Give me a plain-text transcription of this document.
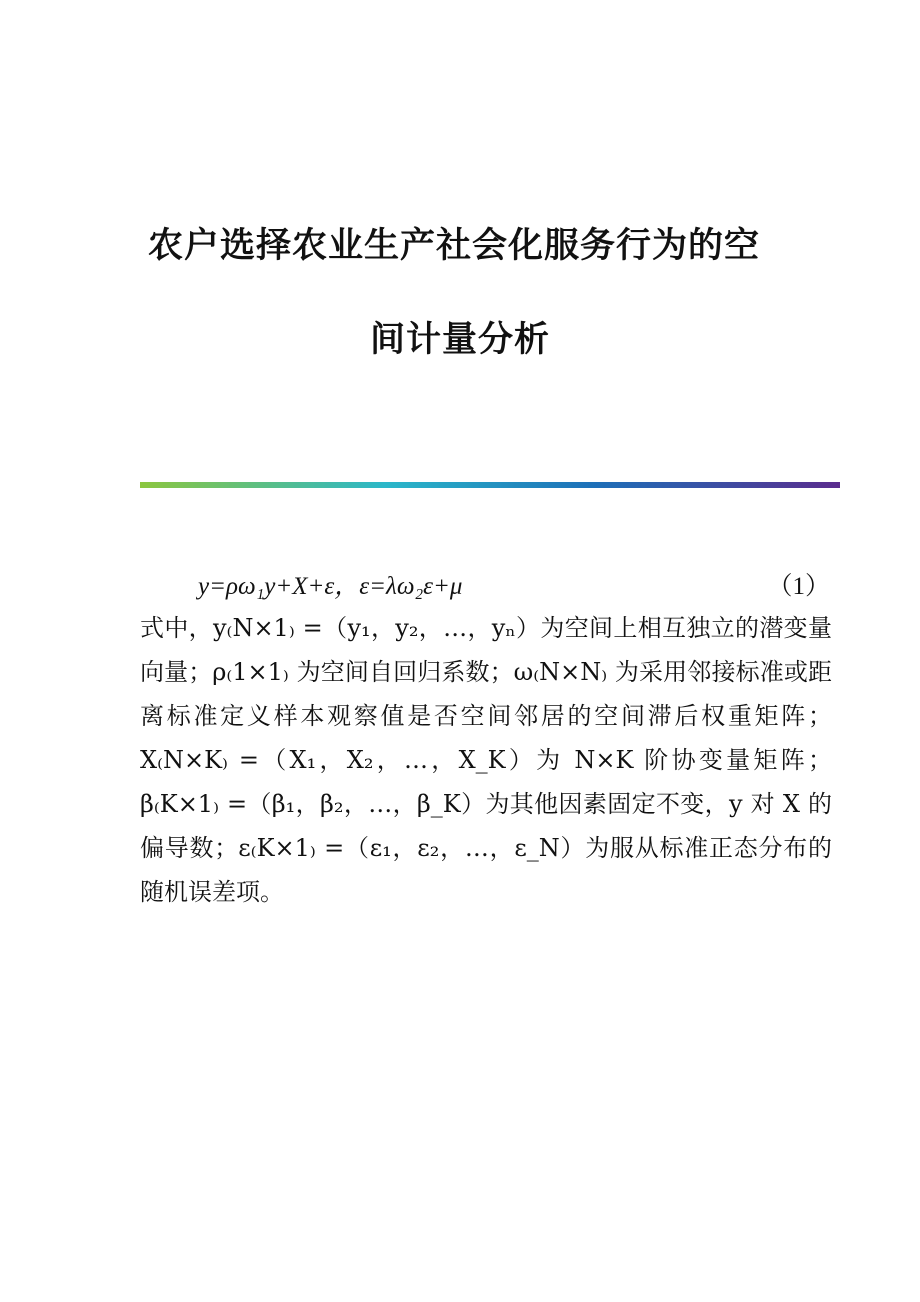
农户选择农业生产社会化服务行为的空
间计量分析
y=ρω₁y+X+ε，ε=λω₂ε+μ	（1）
式中，y₍N×1₎ =（y₁，y₂，…，yₙ）为空间上相互独立的潜变量向量；ρ₍1×1₎ 为空间自回归系数；ω₍N×N₎ 为采用邻接标准或距离标准定义样本观察值是否空间邻居的空间滞后权重矩阵；X₍N×K₎ =（X₁，X₂，…，X_K）为 N×K 阶协变量矩阵；β₍K×1₎ =（β₁，β₂，…，β_K）为其他因素固定不变，y 对 X 的偏导数；ε₍K×1₎ =（ε₁，ε₂，…，ε_N）为服从标准正态分布的随机误差项。
